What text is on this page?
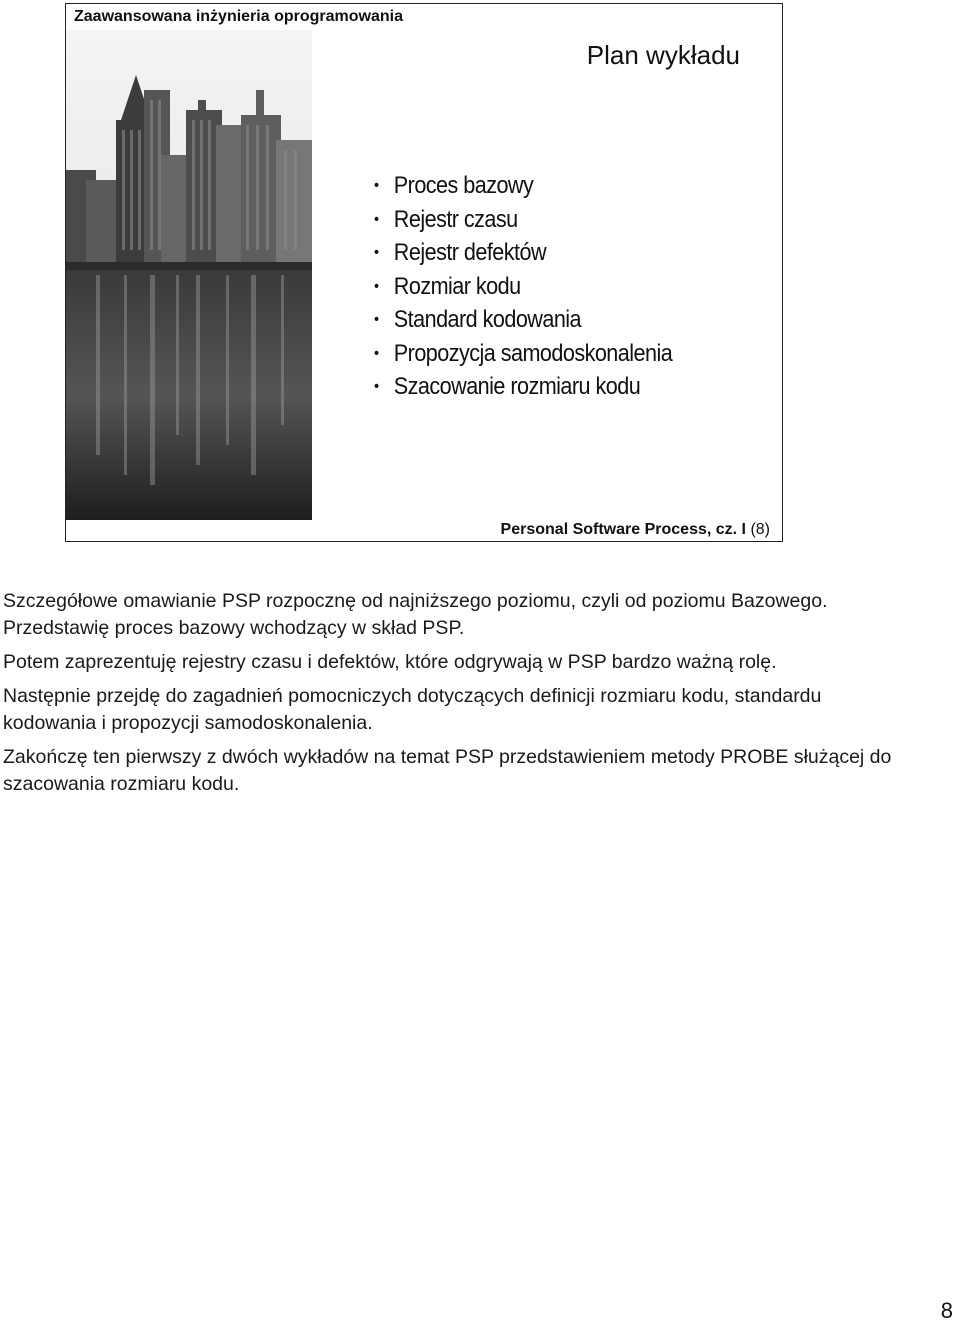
Zaawansowana inżynieria oprogramowania
Plan wykładu
• Proces bazowy
• Rejestr czasu
• Rejestr defektów
• Rozmiar kodu
• Standard kodowania
• Propozycja samodoskonalenia
• Szacowanie rozmiaru kodu
Personal Software Process, cz. I (8)

Szczegółowe omawianie PSP rozpocznę od najniższego poziomu, czyli od poziomu Bazowego. Przedstawię proces bazowy wchodzący w skład PSP.

Potem zaprezentuję rejestry czasu i defektów, które odgrywają w PSP bardzo ważną rolę.

Następnie przejdę do zagadnień pomocniczych dotyczących definicji rozmiaru kodu, standardu kodowania i propozycji samodoskonalenia.

Zakończę ten pierwszy z dwóch wykładów na temat PSP przedstawieniem metody PROBE służącej do szacowania rozmiaru kodu.

8
